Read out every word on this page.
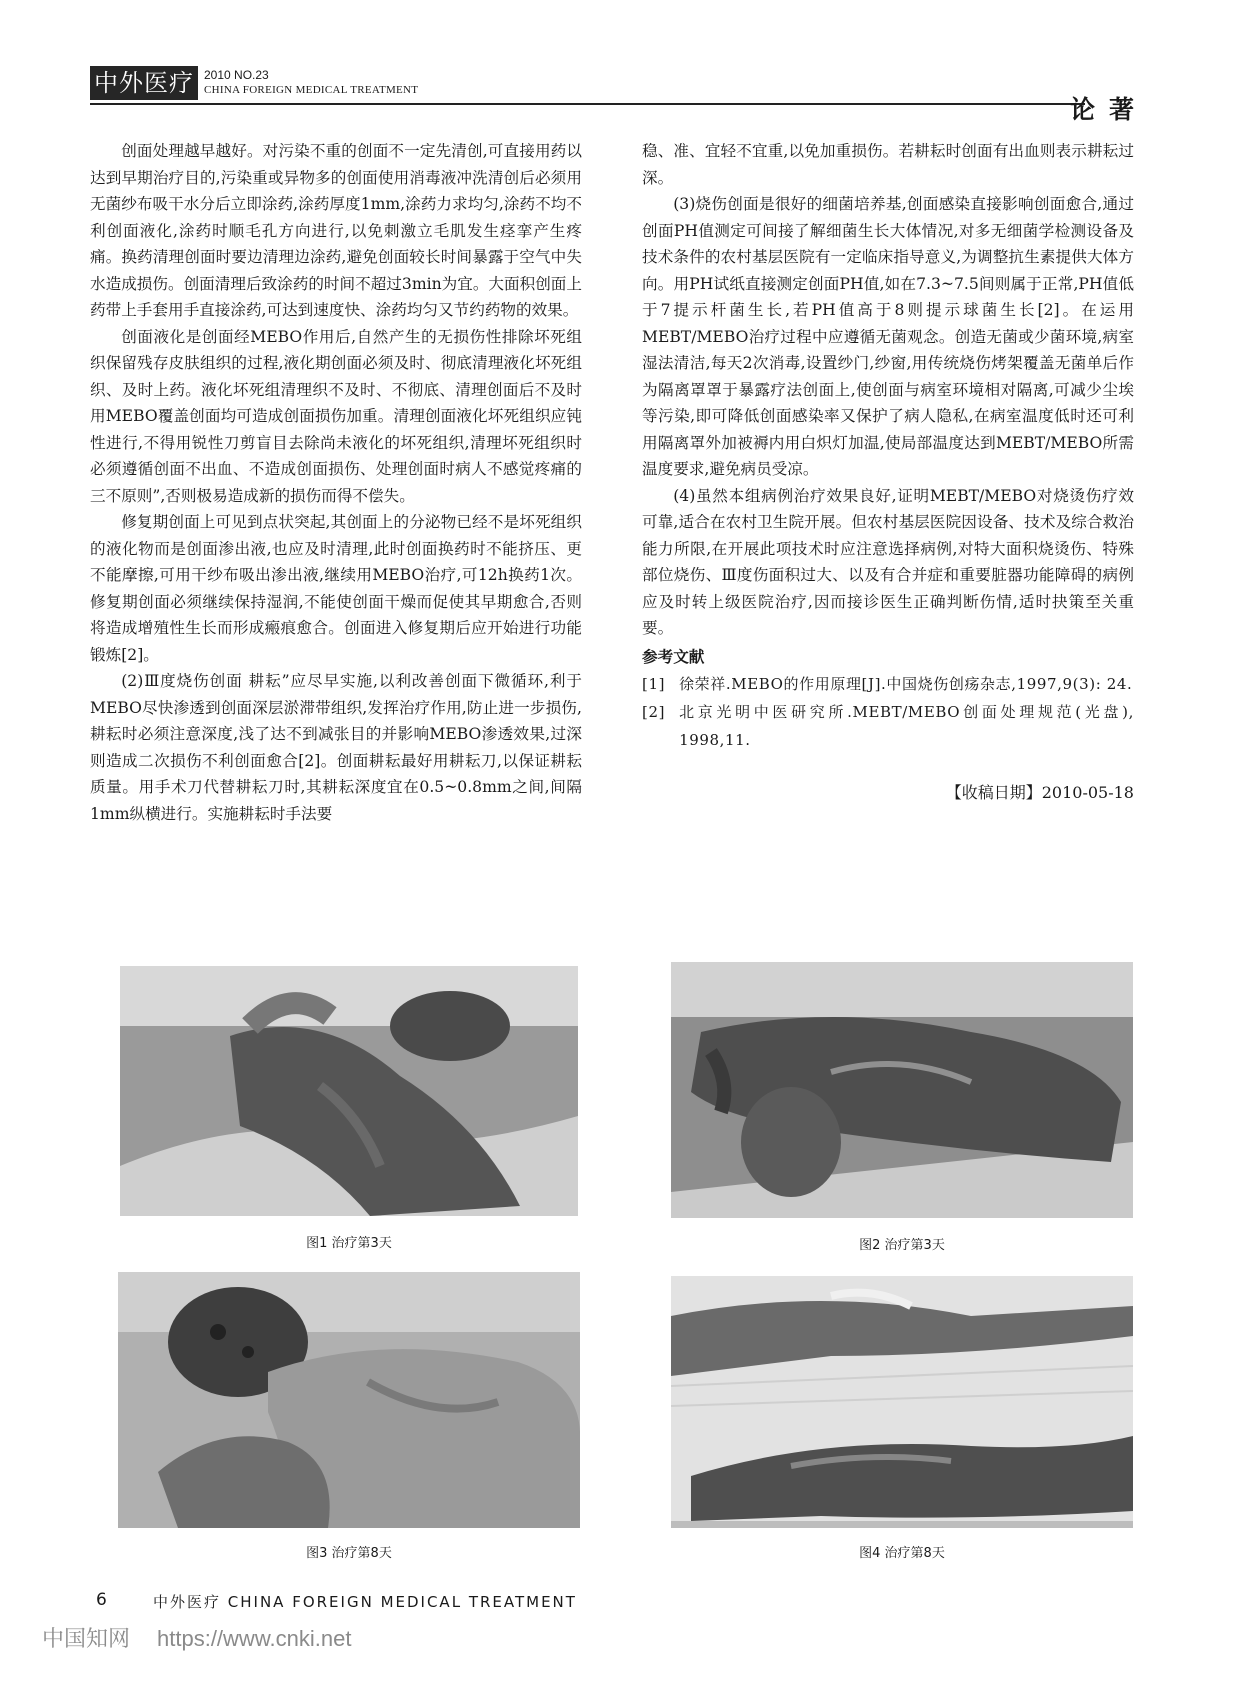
中外医疗 2010 NO.23
CHINA FOREIGN MEDICAL TREATMENT
论著

创面处理越早越好。对污染不重的创面不一定先清创,可直接用药以达到早期治疗目的,污染重或异物多的创面使用消毒液冲洗清创后必须用无菌纱布吸干水分后立即涂药,涂药厚度1mm,涂药力求均匀,涂药不均不利创面液化,涂药时顺毛孔方向进行,以免刺激立毛肌发生痉挛产生疼痛。换药清理创面时要边清理边涂药,避免创面较长时间暴露于空气中失水造成损伤。创面清理后致涂药的时间不超过3min为宜。大面积创面上药带上手套用手直接涂药,可达到速度快、涂药均匀又节约药物的效果。

创面液化是创面经MEBO作用后,自然产生的无损伤性排除坏死组织保留残存皮肤组织的过程,液化期创面必须及时、彻底清理液化坏死组织、及时上药。液化坏死组清理织不及时、不彻底、清理创面后不及时用MEBO覆盖创面均可造成创面损伤加重。清理创面液化坏死组织应钝性进行,不得用锐性刀剪盲目去除尚未液化的坏死组织,清理坏死组织时必须遵循创面不出血、不造成创面损伤、处理创面时病人不感觉疼痛的 三不原则”,否则极易造成新的损伤而得不偿失。

修复期创面上可见到点状突起,其创面上的分泌物已经不是坏死组织的液化物而是创面渗出液,也应及时清理,此时创面换药时不能挤压、更不能摩擦,可用干纱布吸出渗出液,继续用MEBO治疗,可12h换药1次。修复期创面必须继续保持湿润,不能使创面干燥而促使其早期愈合,否则将造成增殖性生长而形成瘢痕愈合。创面进入修复期后应开始进行功能锻炼[2]。

(2)Ⅲ度烧伤创面 耕耘”应尽早实施,以利改善创面下微循环,利于MEBO尽快渗透到创面深层淤滞带组织,发挥治疗作用,防止进一步损伤,耕耘时必须注意深度,浅了达不到减张目的并影响MEBO渗透效果,过深则造成二次损伤不利创面愈合[2]。创面耕耘最好用耕耘刀,以保证耕耘质量。用手术刀代替耕耘刀时,其耕耘深度宜在0.5~0.8mm之间,间隔1mm纵横进行。实施耕耘时手法要

稳、准、宜轻不宜重,以免加重损伤。若耕耘时创面有出血则表示耕耘过深。

(3)烧伤创面是很好的细菌培养基,创面感染直接影响创面愈合,通过创面PH值测定可间接了解细菌生长大体情况,对多无细菌学检测设备及技术条件的农村基层医院有一定临床指导意义,为调整抗生素提供大体方向。用PH试纸直接测定创面PH值,如在7.3~7.5间则属于正常,PH值低于7提示杆菌生长,若PH值高于8则提示球菌生长[2]。在运用MEBT/MEBO治疗过程中应遵循无菌观念。创造无菌或少菌环境,病室湿法清洁,每天2次消毒,设置纱门,纱窗,用传统烧伤烤架覆盖无菌单后作为隔离罩罩于暴露疗法创面上,使创面与病室环境相对隔离,可减少尘埃等污染,即可降低创面感染率又保护了病人隐私,在病室温度低时还可利用隔离罩外加被褥内用白炽灯加温,使局部温度达到MEBT/MEBO所需温度要求,避免病员受凉。

(4)虽然本组病例治疗效果良好,证明MEBT/MEBO对烧烫伤疗效可靠,适合在农村卫生院开展。但农村基层医院因设备、技术及综合救治能力所限,在开展此项技术时应注意选择病例,对特大面积烧烫伤、特殊部位烧伤、Ⅲ度伤面积过大、以及有合并症和重要脏器功能障碍的病例应及时转上级医院治疗,因而接诊医生正确判断伤情,适时抉策至关重要。

参考文献

[1] 徐荣祥.MEBO的作用原理[J].中国烧伤创疡杂志,1997,9(3): 24.
[2] 北京光明中医研究所.MEBT/MEBO创面处理规范(光盘), 1998,11.
【收稿日期】2010-05-18
图1 治疗第3天	图2 治疗第3天
图3 治疗第8天	图4 治疗第8天
6	中外医疗 CHINA FOREIGN MEDICAL TREATMENT
中国知网 https://www.cnki.net
